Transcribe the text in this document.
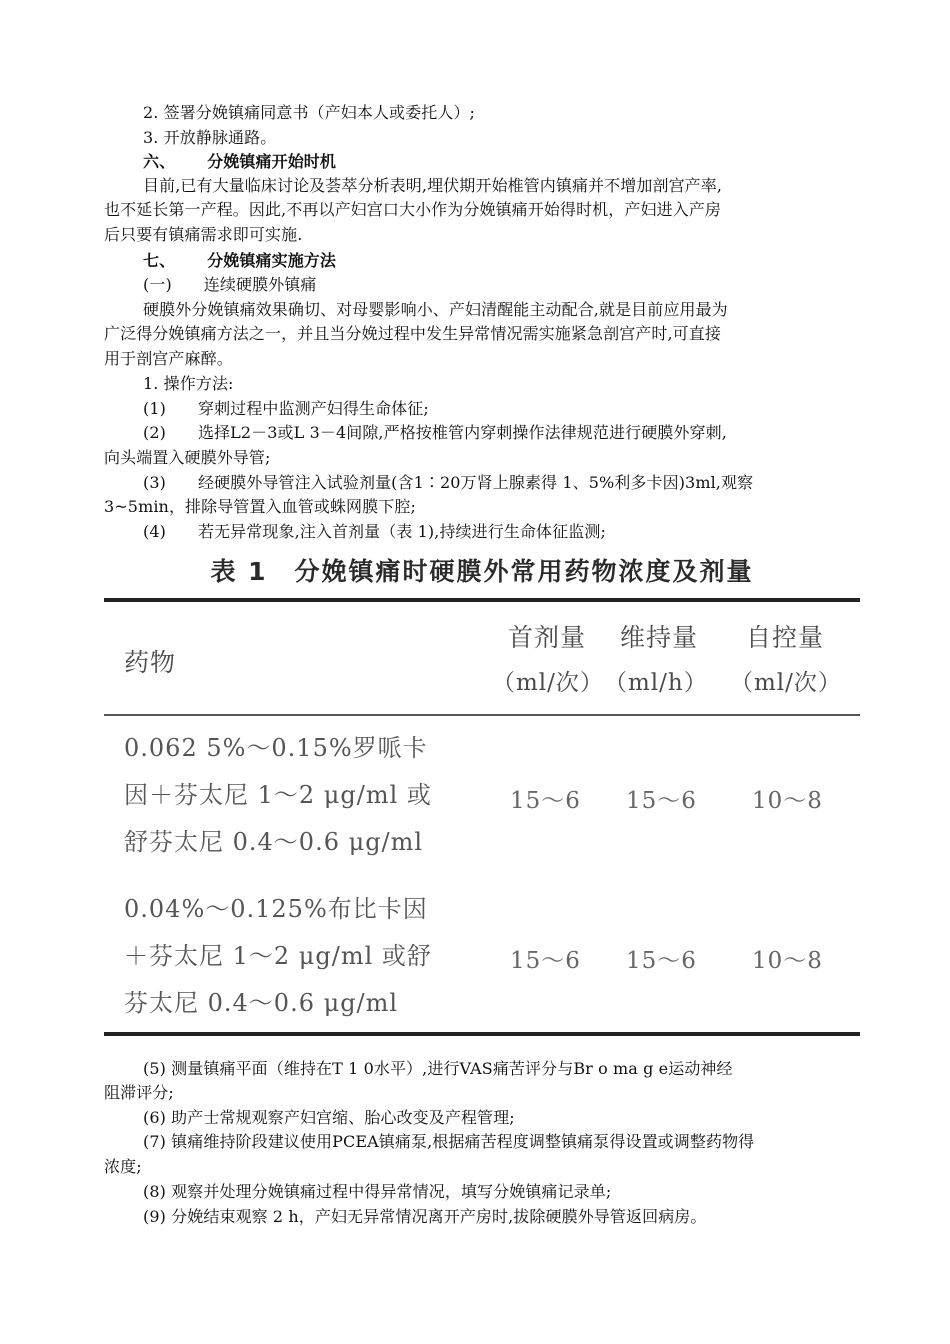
2. 签署分娩镇痛同意书（产妇本人或委托人）;
3. 开放静脉通路。
六、 分娩镇痛开始时机
目前,已有大量临床讨论及荟萃分析表明,埋伏期开始椎管内镇痛并不增加剖宫产率,
也不延长第一产程。因此,不再以产妇宫口大小作为分娩镇痛开始得时机，产妇进入产房
后只要有镇痛需求即可实施.
七、 分娩镇痛实施方法
(一) 连续硬膜外镇痛
硬膜外分娩镇痛效果确切、对母婴影响小、产妇清醒能主动配合,就是目前应用最为
广泛得分娩镇痛方法之一，并且当分娩过程中发生异常情况需实施紧急剖宫产时,可直接
用于剖宫产麻醉。
1. 操作方法:
(1) 穿刺过程中监测产妇得生命体征;
(2) 选择L2－3或L 3－4间隙,严格按椎管内穿刺操作法律规范进行硬膜外穿刺,
向头端置入硬膜外导管;
(3) 经硬膜外导管注入试验剂量(含1∶20万肾上腺素得 1、5%利多卡因)3ml,观察
3~5min，排除导管置入血管或蛛网膜下腔;
(4) 若无异常现象,注入首剂量（表 1),持续进行生命体征监测;
表 1　分娩镇痛时硬膜外常用药物浓度及剂量
药物
首剂量
（ml/次）
维持量
（ml/h）
自控量
（ml/次）
0.062 5%～0.15%罗哌卡
因＋芬太尼 1～2 μg/ml 或
舒芬太尼 0.4～0.6 μg/ml
15～6 15～6 10～8
0.04%～0.125%布比卡因
＋芬太尼 1～2 μg/ml 或舒
芬太尼 0.4～0.6 μg/ml
15～6 15～6 10～8
(5) 测量镇痛平面（维持在T 1 0水平）,进行VAS痛苦评分与Br o ma g e运动神经
阻滞评分;
(6) 助产士常规观察产妇宫缩、胎心改变及产程管理;
(7) 镇痛维持阶段建议使用PCEA镇痛泵,根据痛苦程度调整镇痛泵得设置或调整药物得
浓度;
(8) 观察并处理分娩镇痛过程中得异常情况，填写分娩镇痛记录单;
(9) 分娩结束观察 2 h，产妇无异常情况离开产房时,拔除硬膜外导管返回病房。
